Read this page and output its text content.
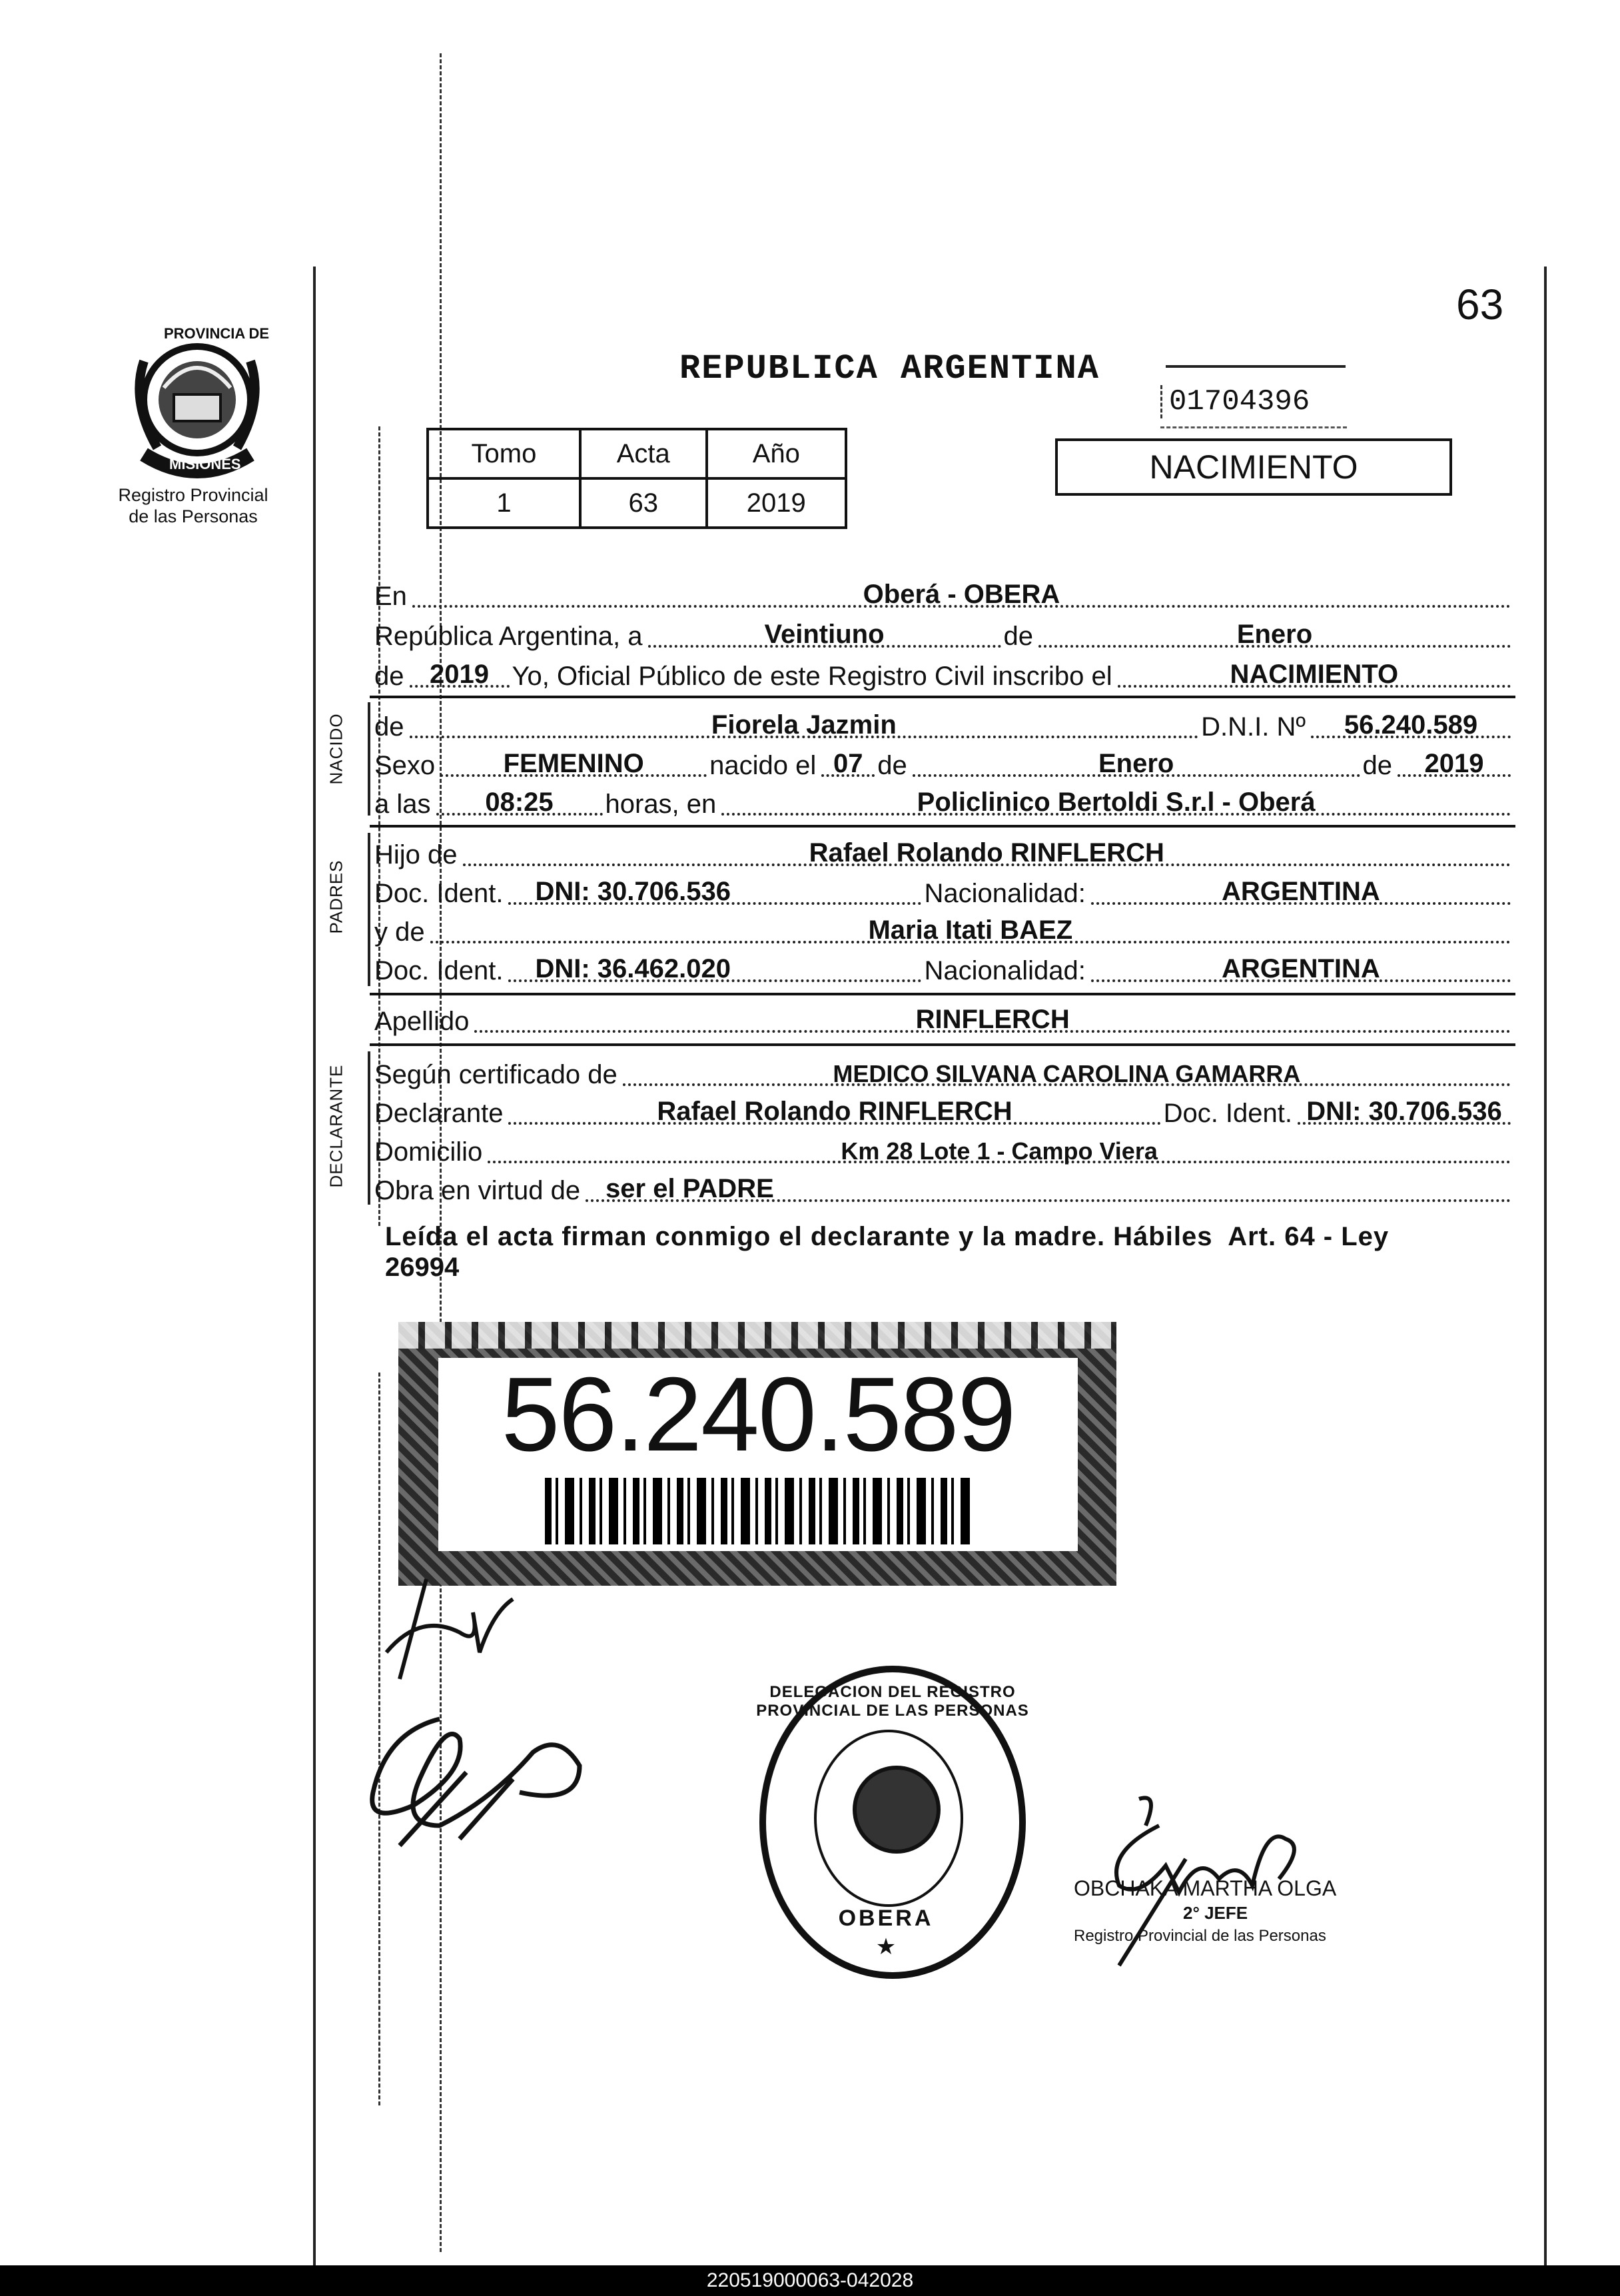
63
PROVINCIA DE
MISIONES
Registro Provincial
de las Personas
REPUBLICA ARGENTINA
01704396
Tomo	Acta	Año
1	63	2019
NACIMIENTO
En	Oberá - OBERA
República Argentina, a	Veintiuno	de	Enero
de 2019 Yo, Oficial Público de este Registro Civil inscribo el	NACIMIENTO
NACIDO de	Fiorela Jazmin	D.N.I. Nº	56.240.589
Sexo	FEMENINO	nacido el 07 de	Enero	de	2019
a las	08:25	horas, en	Policlinico Bertoldi S.r.l - Oberá
PADRES
Hijo de	Rafael Rolando RINFLERCH
Doc. Ident.	DNI: 30.706.536	Nacionalidad:	ARGENTINA
y de	Maria Itati BAEZ
Doc. Ident.	DNI: 36.462.020	Nacionalidad:	ARGENTINA
Apellido	RINFLERCH
DECLARANTE Según certificado de	MEDICO SILVANA CAROLINA GAMARRA
Declarante	Rafael Rolando RINFLERCH	Doc. Ident. DNI: 30.706.536
Domicilio	Km 28 Lote 1 - Campo Viera
Obra en virtud de ser el PADRE
Leída el acta firman conmigo el declarante y la madre. Hábiles  Art. 64 - Ley
26994
56.240.589
DELEGACION DEL REGISTRO PROVINCIAL DE LAS PERSONAS
OBERA
★
OBCHAKA MARTHA OLGA
2° JEFE
Registro Provincial de las Personas
220519000063-042028
